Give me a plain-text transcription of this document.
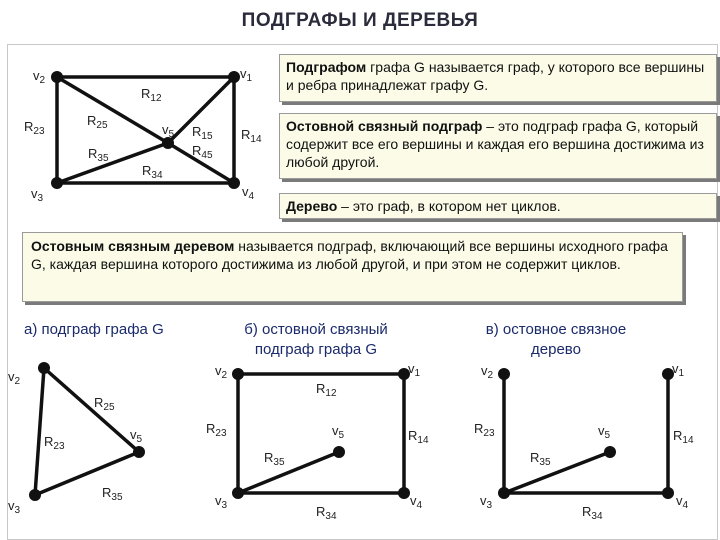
ПОДГРАФЫ И ДЕРЕВЬЯ
Подграфом графа G называется граф, у которого все вершины и ребра принадлежат графу G.
Остовной связный подграф – это подграф графа G, который содержит все его вершины и каждая его вершина достижима из любой другой.
Дерево – это граф, в котором нет циклов.
Остовным связным деревом называется подграф, включающий все вершины исходного графа G, каждая вершина которого достижима из любой другой, и при этом не содержит циклов.
а) подграф графа G	б) остовной связный подграф графа G
в) остовное связное дерево
$v_2$	$v_1$
$v_3$	$v_4$
$v_5$
$R_{12}$
$R_{23}$
$R_{34}$
$R_{14}$
$R_{25}$
$R_{35}$
$R_{15}$
$R_{45}$
$v_2$
$v_5$
$v_3$
$R_{25}$
$R_{23}$
$R_{35}$
$v_2$	$v_1$
$v_5$
$v_3$	$v_4$
$R_{12}$
$R_{23}$	$R_{14}$
$R_{35}$
$R_{34}$
$v_2$	$v_1$
$v_5$
$v_3$	$v_4$
$R_{23}$	$R_{14}$
$R_{35}$
$R_{34}$
